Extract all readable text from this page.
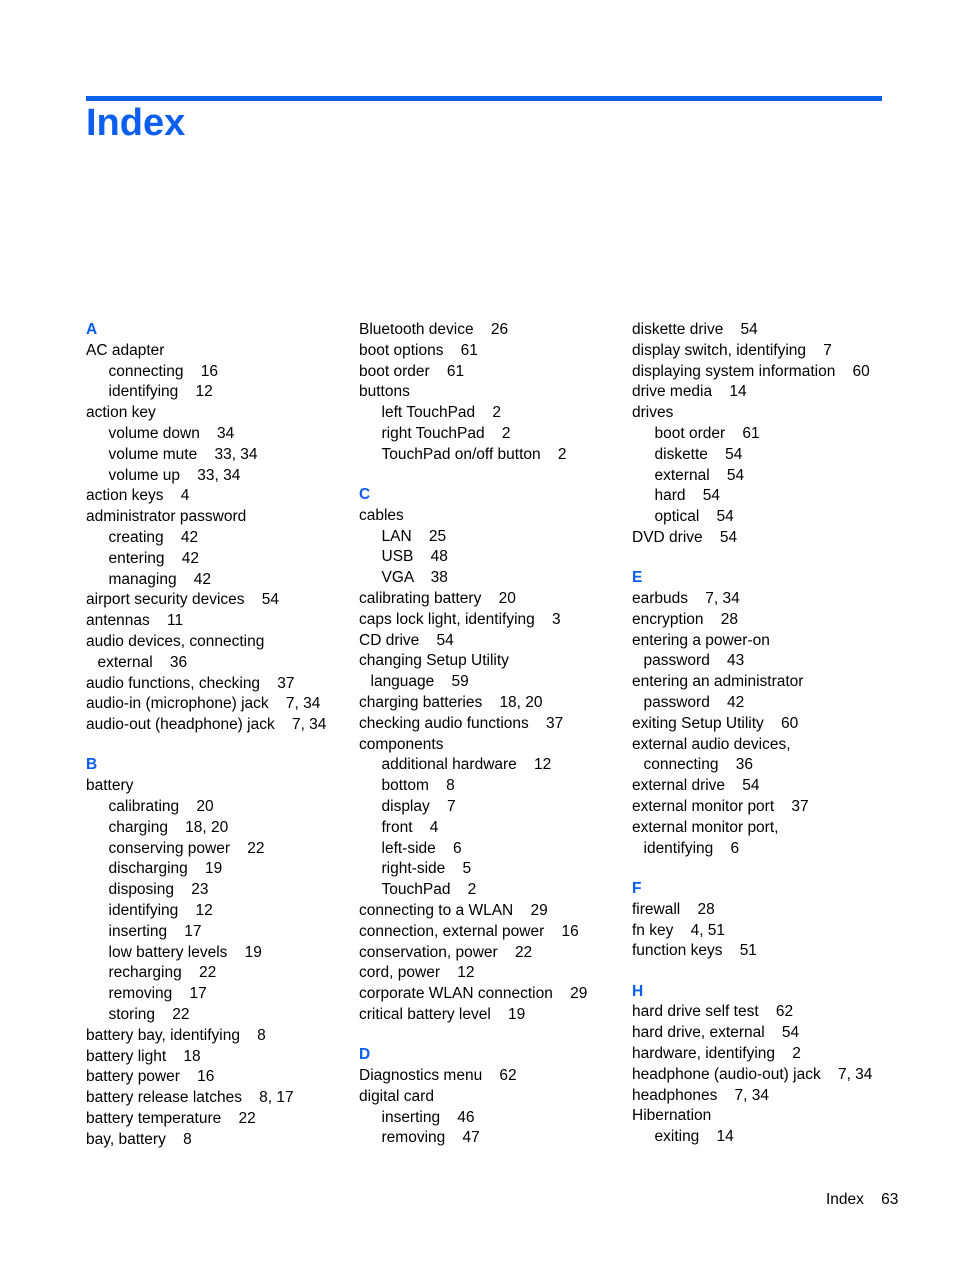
Index
A
AC adapter
connecting    16
identifying    12
action key
volume down    34
volume mute    33, 34
volume up    33, 34
action keys    4
administrator password
creating    42
entering    42
managing    42
airport security devices    54
antennas    11
audio devices, connecting
external    36
audio functions, checking    37
audio-in (microphone) jack    7, 34
audio-out (headphone) jack    7, 34
B
battery
calibrating    20
charging    18, 20
conserving power    22
discharging    19
disposing    23
identifying    12
inserting    17
low battery levels    19
recharging    22
removing    17
storing    22
battery bay, identifying    8
battery light    18
battery power    16
battery release latches    8, 17
battery temperature    22
bay, battery    8
Bluetooth device    26
boot options    61
boot order    61
buttons
left TouchPad    2
right TouchPad    2
TouchPad on/off button    2
C
cables
LAN    25
USB    48
VGA    38
calibrating battery    20
caps lock light, identifying    3
CD drive    54
changing Setup Utility
language    59
charging batteries    18, 20
checking audio functions    37
components
additional hardware    12
bottom    8
display    7
front    4
left-side    6
right-side    5
TouchPad    2
connecting to a WLAN    29
connection, external power    16
conservation, power    22
cord, power    12
corporate WLAN connection    29
critical battery level    19
D
Diagnostics menu    62
digital card
inserting    46
removing    47
diskette drive    54
display switch, identifying    7
displaying system information    60
drive media    14
drives
boot order    61
diskette    54
external    54
hard    54
optical    54
DVD drive    54
E
earbuds    7, 34
encryption    28
entering a power-on
password    43
entering an administrator
password    42
exiting Setup Utility    60
external audio devices,
connecting    36
external drive    54
external monitor port    37
external monitor port,
identifying    6
F
firewall    28
fn key    4, 51
function keys    51
H
hard drive self test    62
hard drive, external    54
hardware, identifying    2
headphone (audio-out) jack    7, 34
headphones    7, 34
Hibernation
exiting    14
Index 63
